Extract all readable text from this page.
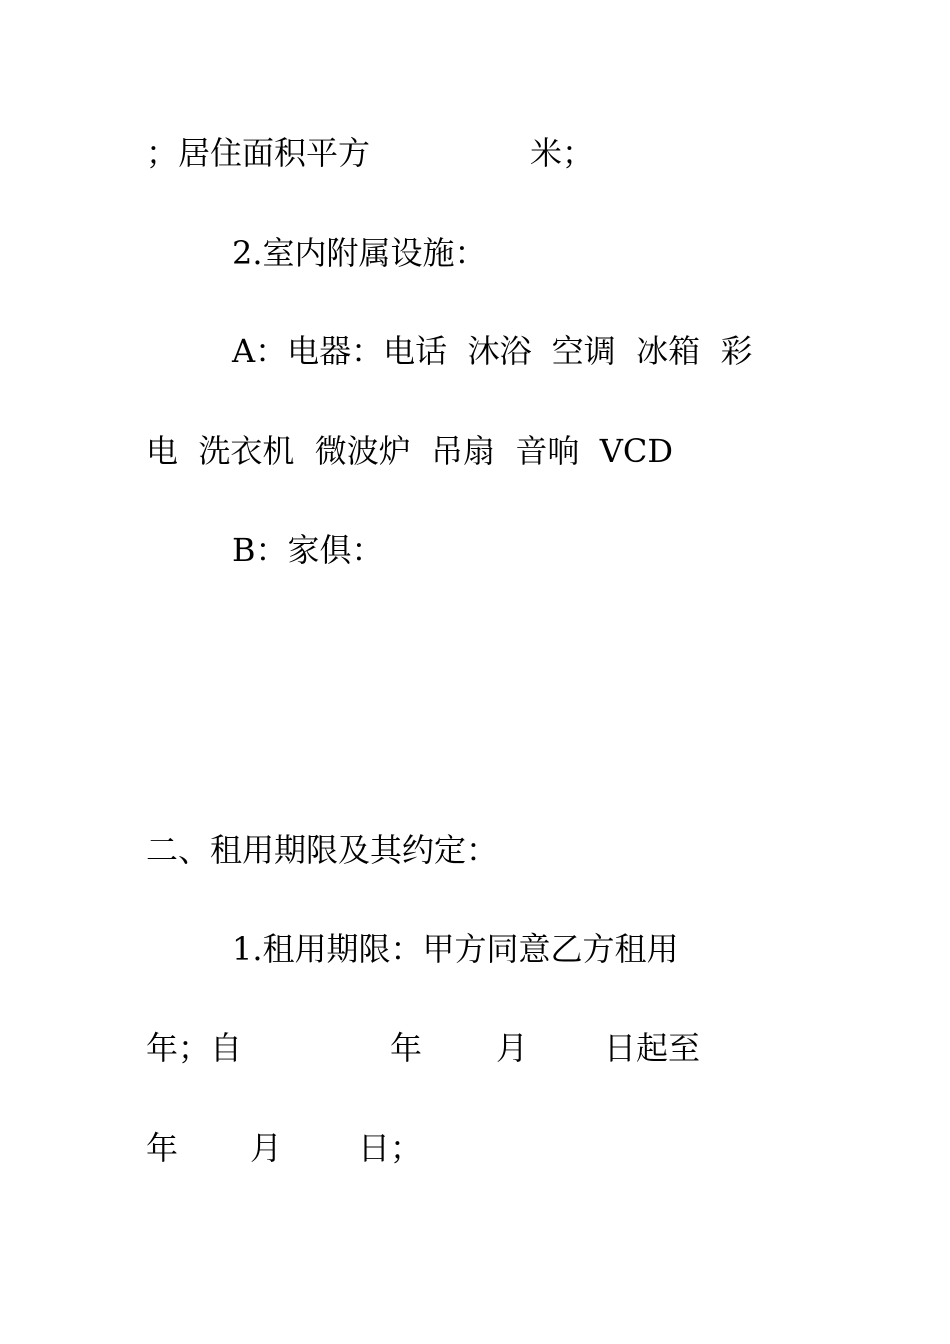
；居住面积平方

	米；

2.室内附属设施：

A：电器：电话  沐浴  空调  冰箱  彩

电  洗衣机  微波炉  吊扇  音响  VCD

B：家俱：

二、租用期限及其约定：

1.租用期限：甲方同意乙方租用

年；自

	年

月

日起至

年

月

日；
